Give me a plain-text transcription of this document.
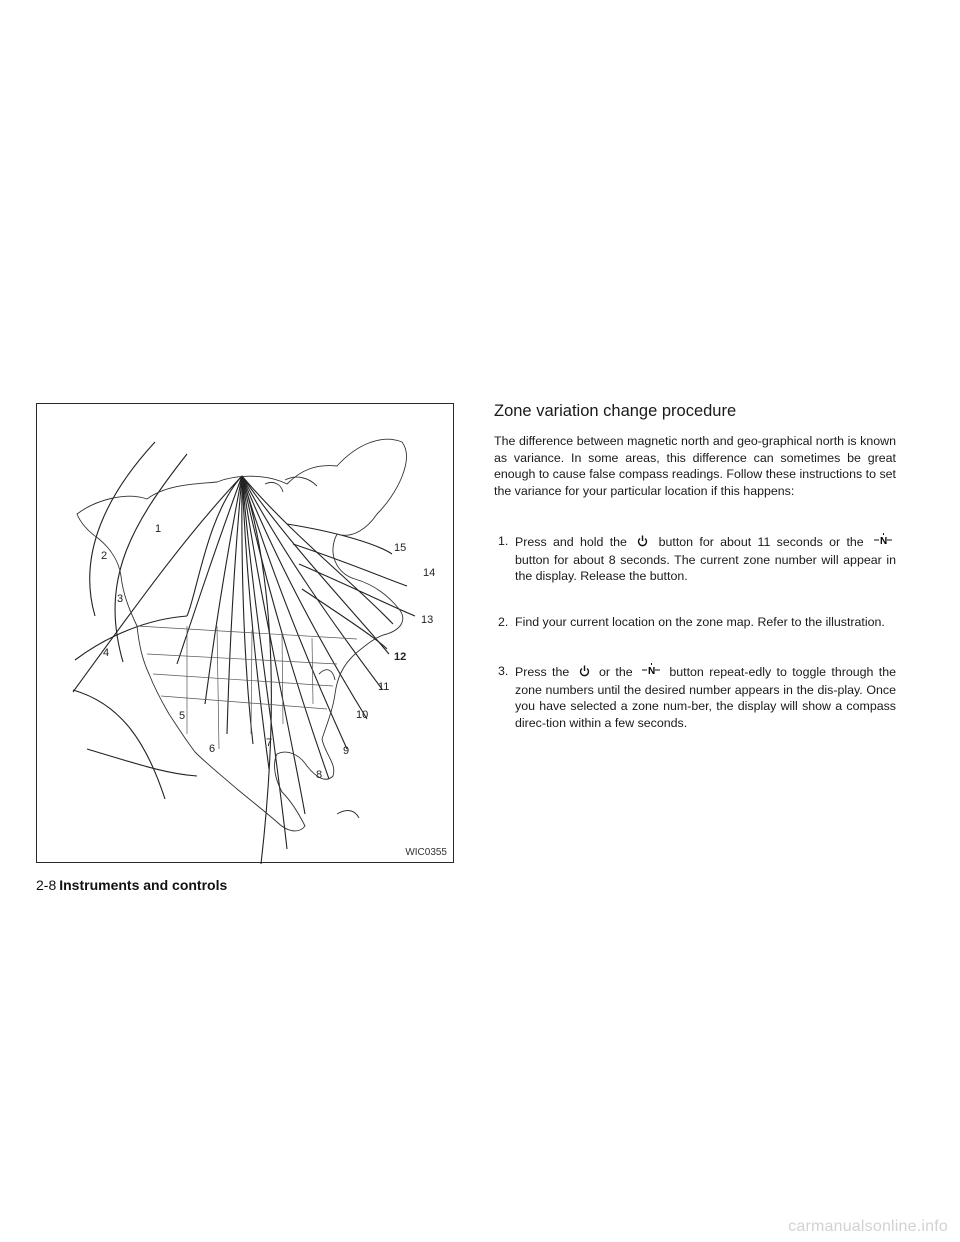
1
2
3
4
5
6	7
8
9
10
11
12
13
14
15
WIC0355
Zone variation change procedure

The difference between magnetic north and geo-graphical north is known as variance. In some areas, this difference can sometimes be great enough to cause false compass readings. Follow these instructions to set the variance for your particular location if this happens:

1. Press and hold the	button for about 11 seconds or the N
button for about 8 seconds. The current zone number will appear in the display. Release the button.

2. Find your current location on the zone map. Refer to the illustration.

3. Press the or the N button repeat-edly to toggle through the zone numbers until the desired number appears in the dis-play. Once you have selected a zone num-ber, the display will show a compass direc-tion within a few seconds.

2-8 Instruments and controls
carmanualsonline.info
